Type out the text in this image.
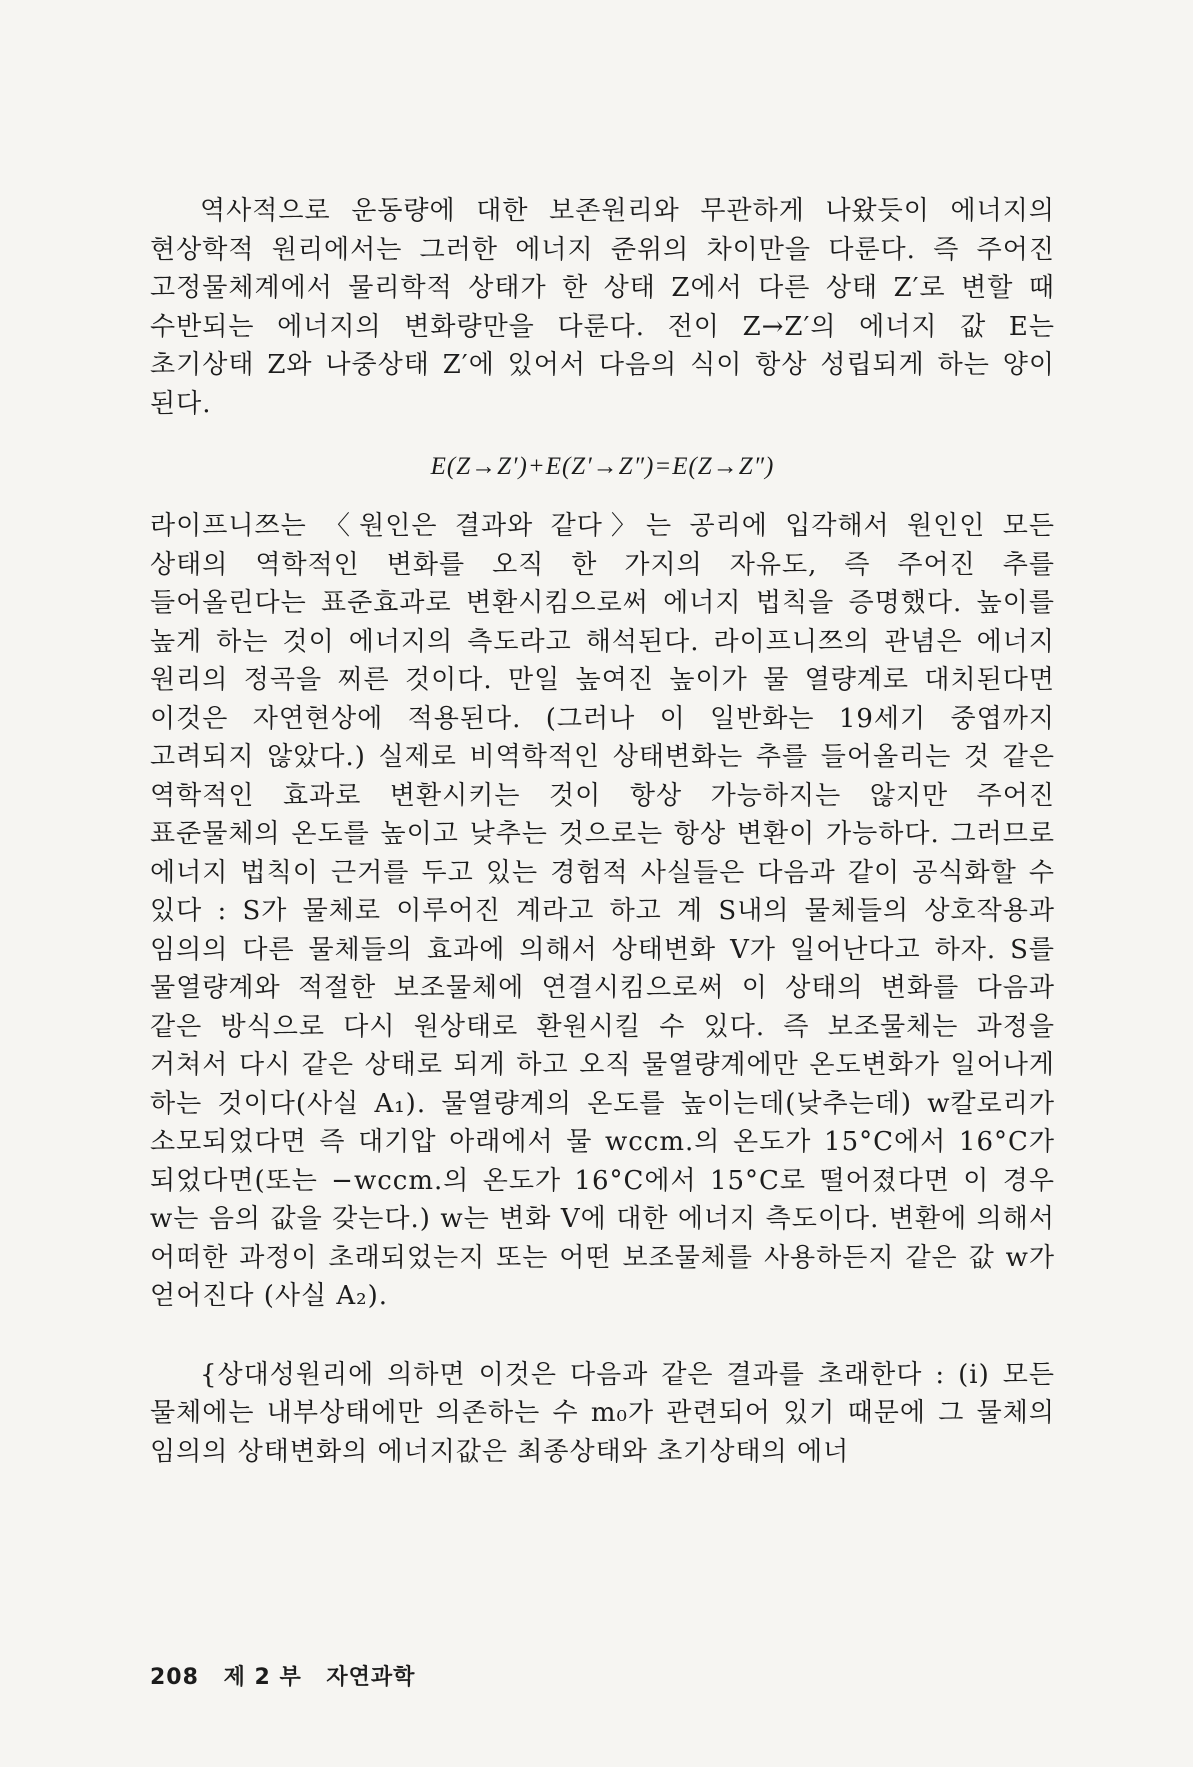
역사적으로 운동량에 대한 보존원리와 무관하게 나왔듯이 에너지의 현상학적 원리에서는 그러한 에너지 준위의 차이만을 다룬다. 즉 주어진 고정물체계에서 물리학적 상태가 한 상태 Z에서 다른 상태 Z′로 변할 때 수반되는 에너지의 변화량만을 다룬다. 전이 Z→Z′의 에너지 값 E는 초기상태 Z와 나중상태 Z′에 있어서 다음의 식이 항상 성립되게 하는 양이 된다.

E(Z→Z′)+E(Z′→Z″)=E(Z→Z″)

라이프니쯔는 〈원인은 결과와 같다〉는 공리에 입각해서 원인인 모든 상태의 역학적인 변화를 오직 한 가지의 자유도, 즉 주어진 추를 들어올린다는 표준효과로 변환시킴으로써 에너지 법칙을 증명했다. 높이를 높게 하는 것이 에너지의 측도라고 해석된다. 라이프니쯔의 관념은 에너지 원리의 정곡을 찌른 것이다. 만일 높여진 높이가 물 열량계로 대치된다면 이것은 자연현상에 적용된다. (그러나 이 일반화는 19세기 중엽까지 고려되지 않았다.) 실제로 비역학적인 상태변화는 추를 들어올리는 것 같은 역학적인 효과로 변환시키는 것이 항상 가능하지는 않지만 주어진 표준물체의 온도를 높이고 낮추는 것으로는 항상 변환이 가능하다. 그러므로 에너지 법칙이 근거를 두고 있는 경험적 사실들은 다음과 같이 공식화할 수 있다 : S가 물체로 이루어진 계라고 하고 계 S내의 물체들의 상호작용과 임의의 다른 물체들의 효과에 의해서 상태변화 V가 일어난다고 하자. S를 물열량계와 적절한 보조물체에 연결시킴으로써 이 상태의 변화를 다음과 같은 방식으로 다시 원상태로 환원시킬 수 있다. 즉 보조물체는 과정을 거쳐서 다시 같은 상태로 되게 하고 오직 물열량계에만 온도변화가 일어나게 하는 것이다(사실 A₁). 물열량계의 온도를 높이는데(낮추는데) w칼로리가 소모되었다면 즉 대기압 아래에서 물 wccm.의 온도가 15°C에서 16°C가 되었다면(또는 −wccm.의 온도가 16°C에서 15°C로 떨어졌다면 이 경우 w는 음의 값을 갖는다.) w는 변화 V에 대한 에너지 측도이다. 변환에 의해서 어떠한 과정이 초래되었는지 또는 어떤 보조물체를 사용하든지 같은 값 w가 얻어진다 (사실 A₂).

{상대성원리에 의하면 이것은 다음과 같은 결과를 초래한다 : (i) 모든 물체에는 내부상태에만 의존하는 수 m₀가 관련되어 있기 때문에 그 물체의 임의의 상태변화의 에너지값은 최종상태와 초기상태의 에너

208 제 2 부 자연과학
